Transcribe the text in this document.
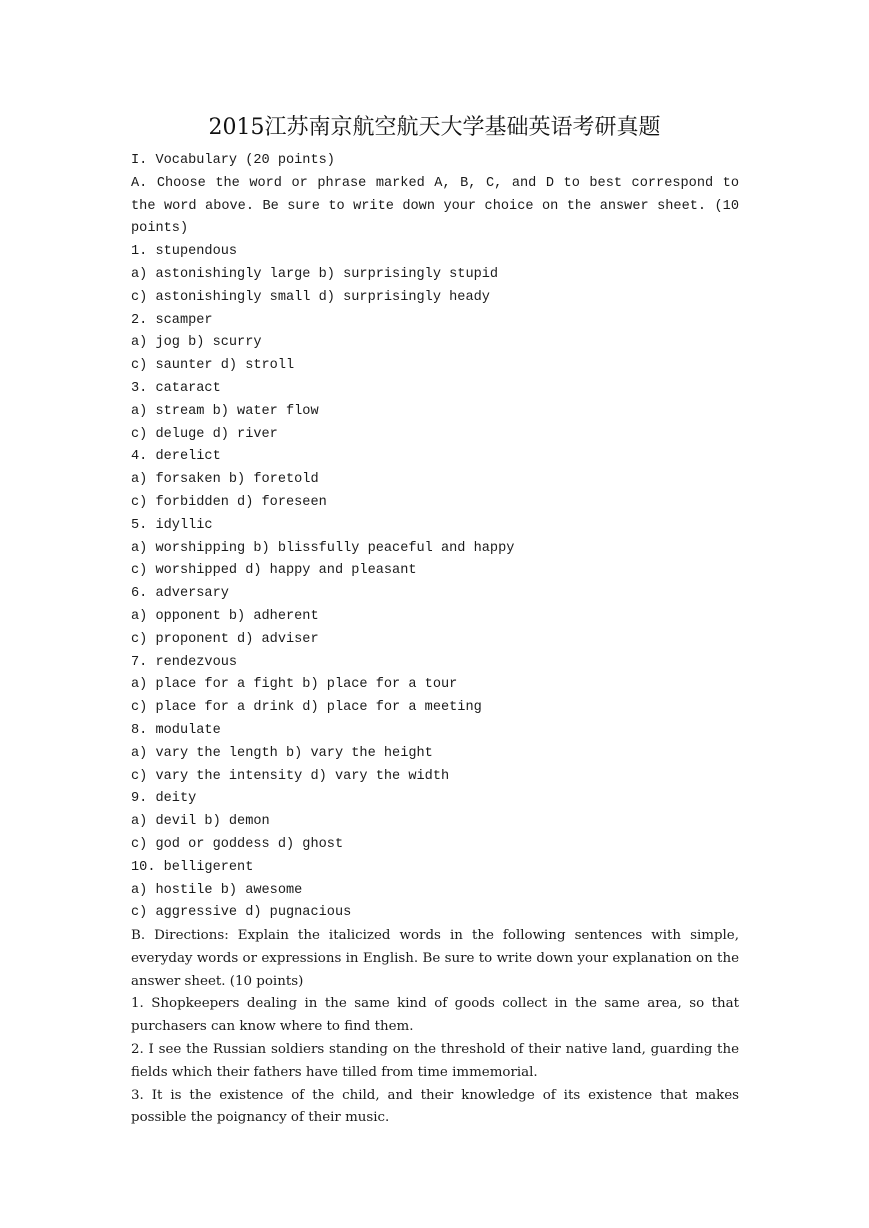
2015江苏南京航空航天大学基础英语考研真题
I. Vocabulary (20 points)
A. Choose the word or phrase marked A, B, C, and D to best correspond to the word above. Be sure to write down your choice on the answer sheet. (10 points)
1. stupendous
a) astonishingly large b) surprisingly stupid
c) astonishingly small d) surprisingly heady
2. scamper
a) jog b) scurry
c) saunter d) stroll
3. cataract
a) stream b) water flow
c) deluge d) river
4. derelict
a) forsaken b) foretold
c) forbidden d) foreseen
5. idyllic
a) worshipping b) blissfully peaceful and happy
c) worshipped d) happy and pleasant
6. adversary
a) opponent b) adherent
c) proponent d) adviser
7. rendezvous
a) place for a fight b) place for a tour
c) place for a drink d) place for a meeting
8. modulate
a) vary the length b) vary the height
c) vary the intensity d) vary the width
9. deity
a) devil b) demon
c) god or goddess d) ghost
10. belligerent
a) hostile b) awesome
c) aggressive d) pugnacious
B. Directions: Explain the italicized words in the following sentences with simple, everyday words or expressions in English. Be sure to write down your explanation on the answer sheet. (10 points)
1. Shopkeepers dealing in the same kind of goods collect in the same area, so that purchasers can know where to find them.
2. I see the Russian soldiers standing on the threshold of their native land, guarding the fields which their fathers have tilled from time immemorial.
3. It is the existence of the child, and their knowledge of its existence that makes possible the poignancy of their music.
